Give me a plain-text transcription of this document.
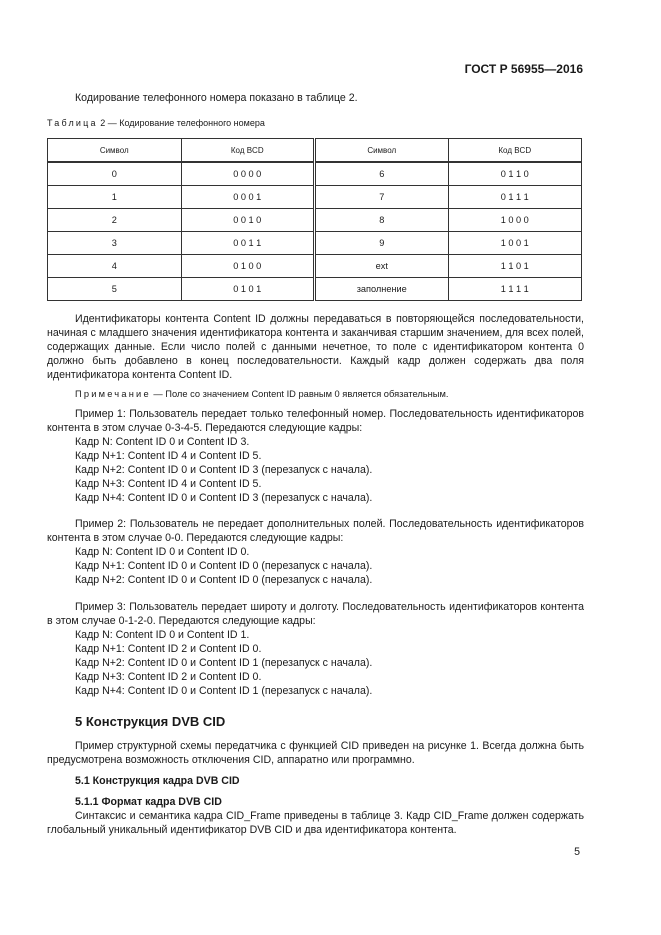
ГОСТ Р 56955—2016

Кодирование телефонного номера показано в таблице 2.

Таблица 2 — Кодирование телефонного номера
Символ	Код BCD	Символ	Код BCD
0	0 0 0 0	6	0 1 1 0
1	0 0 0 1	7	0 1 1 1
2	0 0 1 0	8	1 0 0 0
3	0 0 1 1	9	1 0 0 1
4	0 1 0 0	ext	1 1 0 1
5	0 1 0 1	заполнение	1 1 1 1

Идентификаторы контента Content ID должны передаваться в повторяющейся последовательности, начиная с младшего значения идентификатора контента и заканчивая старшим значением, для всех полей, содержащих данные. Если число полей с данными нечетное, то поле с идентификатором контента 0 должно быть добавлено в конец последовательности. Каждый кадр должен содержать два поля идентификатора контента Content ID.

Примечание — Поле со значением Content ID равным 0 является обязательным.

Пример 1: Пользователь передает только телефонный номер. Последовательность идентификаторов контента в этом случае 0-3-4-5. Передаются следующие кадры:

Кадр N: Content ID 0 и Content ID 3.
Кадр N+1: Content ID 4 и Content ID 5.
Кадр N+2: Content ID 0 и Content ID 3 (перезапуск с начала).
Кадр N+3: Content ID 4 и Content ID 5.
Кадр N+4: Content ID 0 и Content ID 3 (перезапуск с начала).

Пример 2: Пользователь не передает дополнительных полей. Последовательность идентификаторов контента в этом случае 0-0. Передаются следующие кадры:

Кадр N: Content ID 0 и Content ID 0.
Кадр N+1: Content ID 0 и Content ID 0 (перезапуск с начала).
Кадр N+2: Content ID 0 и Content ID 0 (перезапуск с начала).

Пример 3: Пользователь передает широту и долготу. Последовательность идентификаторов контента в этом случае 0-1-2-0. Передаются следующие кадры:

Кадр N: Content ID 0 и Content ID 1.
Кадр N+1: Content ID 2 и Content ID 0.
Кадр N+2: Content ID 0 и Content ID 1 (перезапуск с начала).
Кадр N+3: Content ID 2 и Content ID 0.
Кадр N+4: Content ID 0 и Content ID 1 (перезапуск с начала).
5 Конструкция DVB CID

Пример структурной схемы передатчика с функцией CID приведен на рисунке 1. Всегда должна быть предусмотрена возможность отключения CID, аппаратно или программно.

5.1 Конструкция кадра DVB CID
5.1.1 Формат кадра DVB CID

Синтаксис и семантика кадра CID_Frame приведены в таблице 3. Кадр CID_Frame должен содержать глобальный уникальный идентификатор DVB CID и два идентификатора контента.

5
